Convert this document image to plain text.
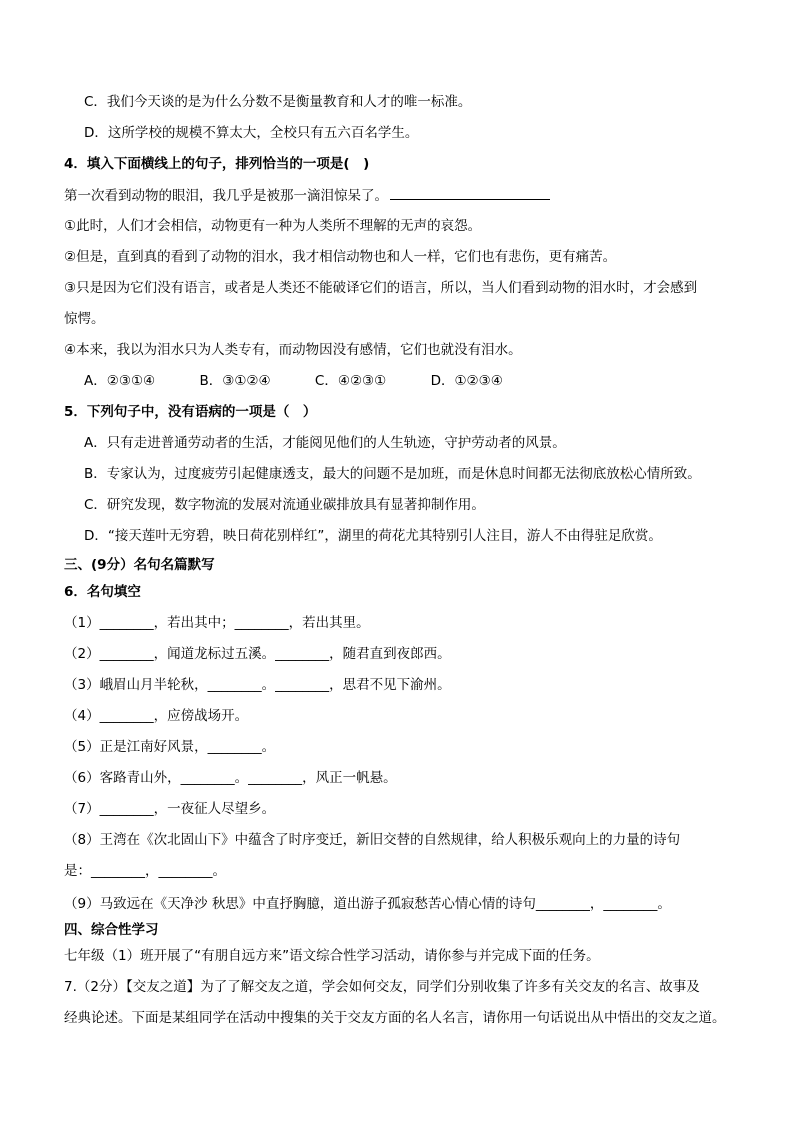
C．我们今天谈的是为什么分数不是衡量教育和人才的唯一标准。
D．这所学校的规模不算太大，全校只有五六百名学生。
4．填入下面横线上的句子，排列恰当的一项是(　)
第一次看到动物的眼泪，我几乎是被那一滴泪惊呆了。
①此时，人们才会相信，动物更有一种为人类所不理解的无声的哀怨。
②但是，直到真的看到了动物的泪水，我才相信动物也和人一样，它们也有悲伤，更有痛苦。
③只是因为它们没有语言，或者是人类还不能破译它们的语言，所以，当人们看到动物的泪水时，才会感到
惊愕。
④本来，我以为泪水只为人类专有，而动物因没有感情，它们也就没有泪水。
A．②③①④	B．③①②④	C．④②③①	D．①②③④
5．下列句子中，没有语病的一项是（　）
A．只有走进普通劳动者的生活，才能阅见他们的人生轨迹，守护劳动者的风景。
B．专家认为，过度疲劳引起健康透支，最大的问题不是加班，而是休息时间都无法彻底放松心情所致。
C．研究发现，数字物流的发展对流通业碳排放具有显著抑制作用。
D．“接天莲叶无穷碧，映日荷花别样红”，湖里的荷花尤其特别引人注目，游人不由得驻足欣赏。
三、(9分）名句名篇默写
6．名句填空
（1）________，若出其中；________，若出其里。
（2）________，闻道龙标过五溪。________，随君直到夜郎西。
（3）峨眉山月半轮秋，________。________，思君不见下渝州。
（4）________，应傍战场开。
（5）正是江南好风景，________。
（6）客路青山外，________。________，风正一帆悬。
（7）________，一夜征人尽望乡。
（8）王湾在《次北固山下》中蕴含了时序变迁，新旧交替的自然规律，给人积极乐观向上的力量的诗句
是：________，________。
（9）马致远在《天净沙 秋思》中直抒胸臆，道出游子孤寂愁苦心情心情的诗句________，________。
四、综合性学习
七年级（1）班开展了“有朋自远方来”语文综合性学习活动，请你参与并完成下面的任务。
7.（2分）【交友之道】为了了解交友之道，学会如何交友，同学们分别收集了许多有关交友的名言、故事及
经典论述。下面是某组同学在活动中搜集的关于交友方面的名人名言，请你用一句话说出从中悟出的交友之道。
